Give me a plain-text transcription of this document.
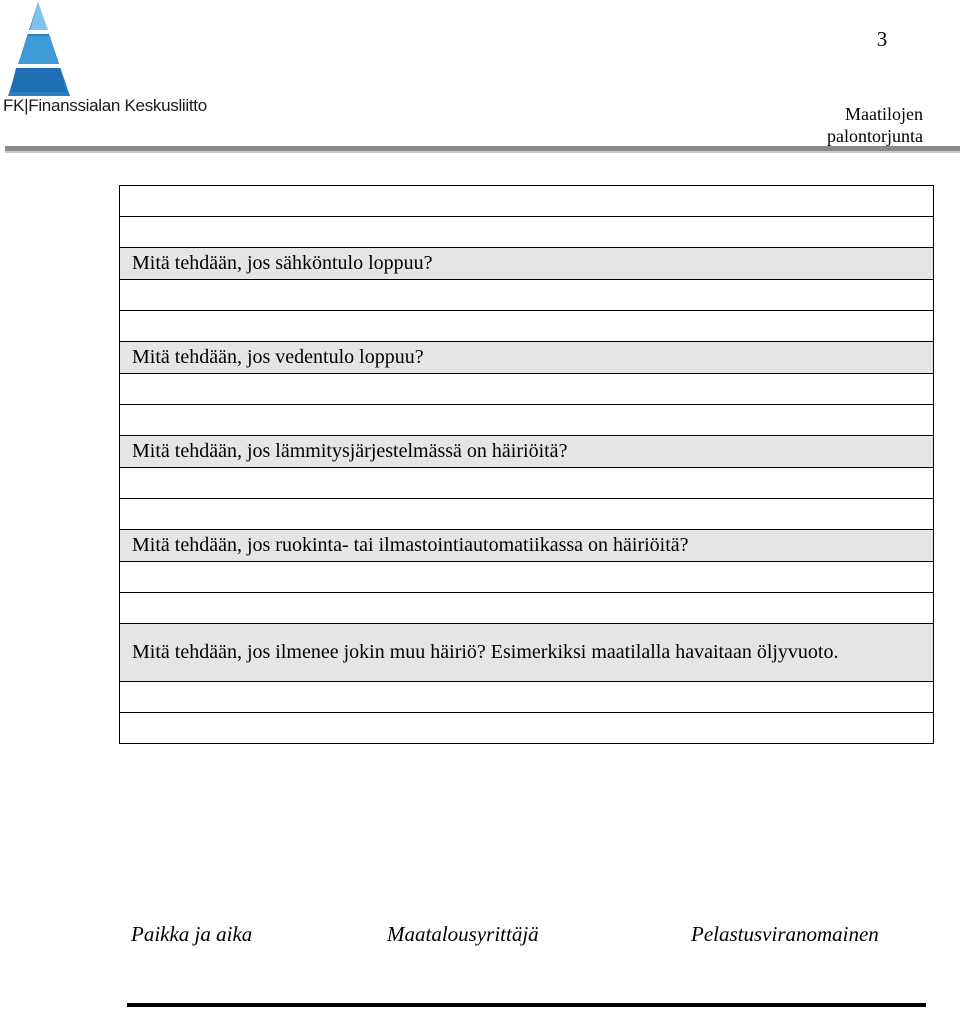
FK|Finanssialan Keskusliitto
3
Maatilojen
palontorjunta

Mitä tehdään, jos sähköntulo loppuu?

Mitä tehdään, jos vedentulo loppuu?

Mitä tehdään, jos lämmitysjärjestelmässä on häiriöitä?

Mitä tehdään, jos ruokinta- tai ilmastointiautomatiikassa on häiriöitä?

Mitä tehdään, jos ilmenee jokin muu häiriö? Esimerkiksi maatilalla havaitaan öljyvuoto.

Paikka ja aika	Maatalousyrittäjä	Pelastusviranomainen
